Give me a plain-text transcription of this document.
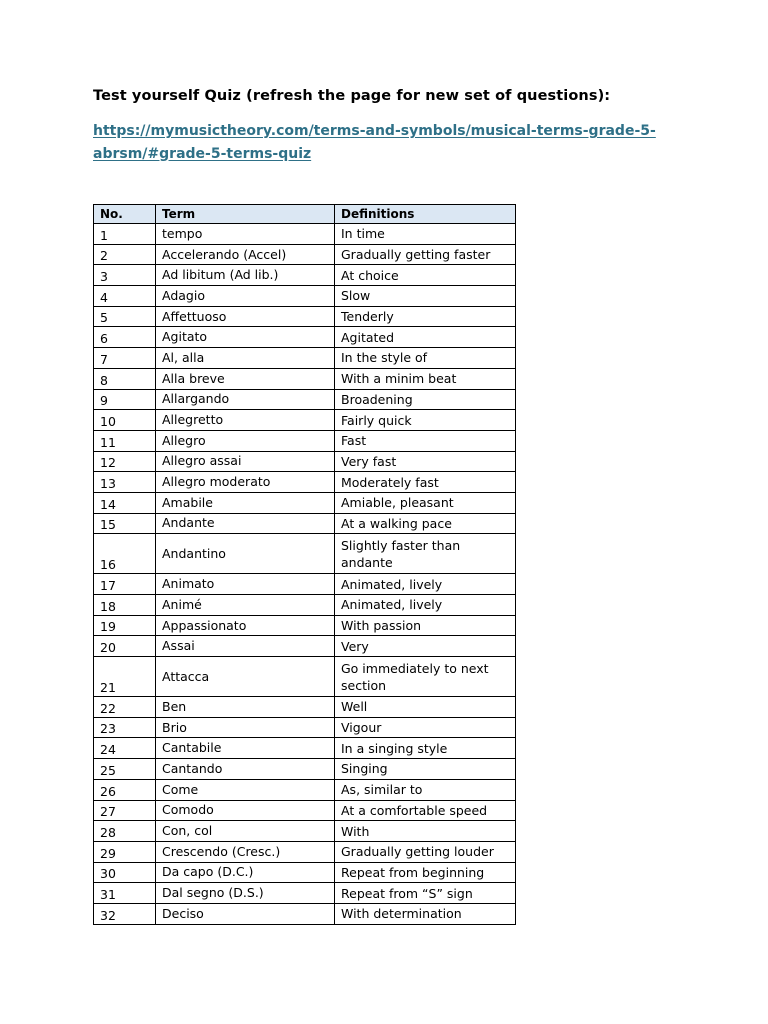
Test yourself Quiz (refresh the page for new set of questions):
https://mymusictheory.com/terms-and-symbols/musical-terms-grade-5-
abrsm/#grade-5-terms-quiz
No.	Term	Definitions
1	tempo	In time
2	Accelerando (Accel)	Gradually getting faster
3	Ad libitum (Ad lib.)	At choice
4	Adagio	Slow
5	Affettuoso	Tenderly
6	Agitato	Agitated
7	Al, alla	In the style of
8	Alla breve	With a minim beat
9	Allargando	Broadening
10	Allegretto	Fairly quick
11	Allegro	Fast
12	Allegro assai	Very fast
13	Allegro moderato	Moderately fast
14	Amabile	Amiable, pleasant
15	Andante	At a walking pace
16	Andantino	Slightly faster than andante
17	Animato	Animated, lively
18	Animé	Animated, lively
19	Appassionato	With passion
20	Assai	Very
21	Attacca	Go immediately to next section
22	Ben	Well
23	Brio	Vigour
24	Cantabile	In a singing style
25	Cantando	Singing
26	Come	As, similar to
27	Comodo	At a comfortable speed
28	Con, col	With
29	Crescendo (Cresc.)	Gradually getting louder
30	Da capo (D.C.)	Repeat from beginning
31	Dal segno (D.S.)	Repeat from “S” sign
32	Deciso	With determination
